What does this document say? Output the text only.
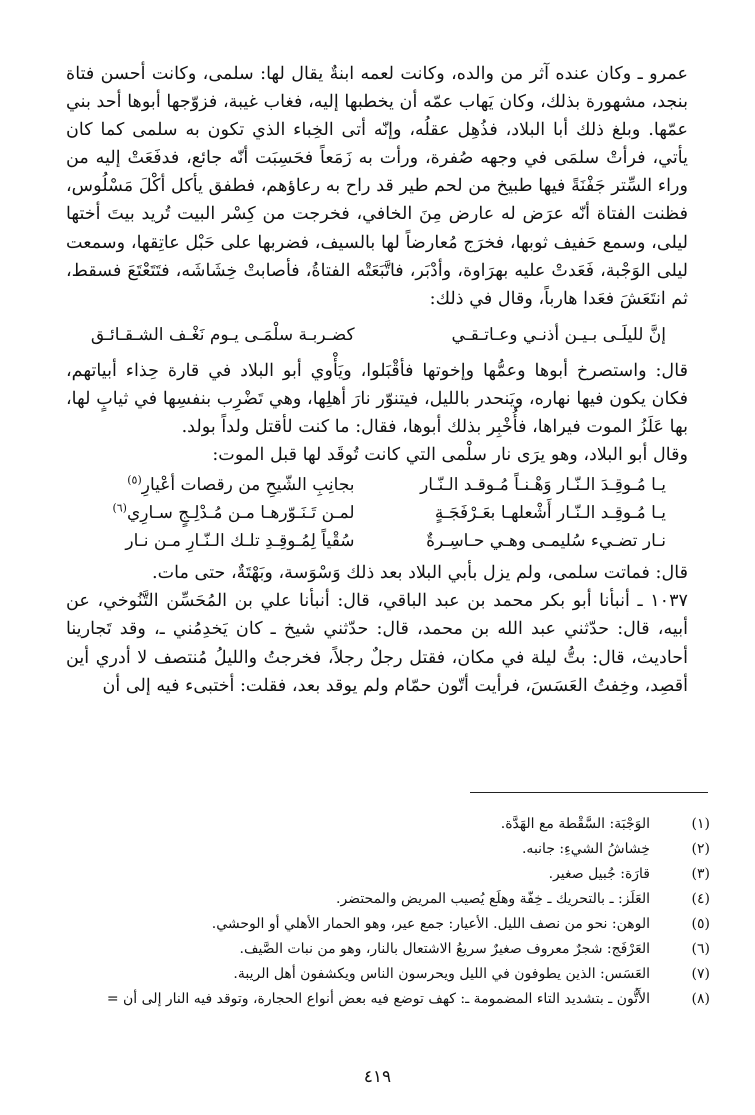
عمرو ـ وكان عنده آثر من والده، وكانت لعمه ابنةٌ يقال لها: سلمى، وكانت أحسن فتاة بنجد، مشهورة بذلك، وكان يَهاب عمّه أن يخطبها إليه، فغاب غيبة، فزوّجها أبوها أحد بني عمّها. وبلغ ذلك أبا البلاد، فذُهِل عقلُه، وإنّه أتى الخِباء الذي تكون به سلمى كما كان يأتي، فرأتْ سلمَى في وجهه صُفرة، ورأت به زَمَعاً فحَسِبَت أنّه جائع، فدفَعَتْ إليه من وراء السِّتر جَفْنَةً فيها طبيخ من لحم طير قد راح به رعاؤهم، فطفق يأكل أكْلَ مَسْلُوس، فظنت الفتاة أنّه عرَض له عارض مِنَ الخافي، فخرجت من كِسْر البيت تُريد بيتَ أختها ليلى، وسمع حَفيف ثوبها، فخرَج مُعارضاً لها بالسيف، فضربها على حَبْل عاتِقها، وسمعت ليلى الوَجْبة، فَعَدتْ عليه بهرَاوة، وأدْبَر، فاتَّبَعَتْه الفتاةُ، فأصابتْ خِشَاشَه، فتَتَعْتَعَ فسقط، ثم انتَعَشَ فعَدا هارباً، وقال في ذلك:

إنَّ لليلَـى بـيـن أذنـي وعـاتـقـي
كضـربـة سلْمَـى يـوم نَغْـف الشـقـائـق

قال: واستصرخ أبوها وعمُّها وإخوتها فأقْبَلوا، ويَأْوي أبو البلاد في قارة حِذاء أبياتهم، فكان يكون فيها نهاره، ويَنحدر بالليل، فيتنوّر نارَ أهلِها، وهي تَضْرِب بنفسِها في ثيابٍ لها، بها عَلَزُ الموت فيراها، فأُخْبِر بذلك أبوها، فقال: ما كنت لأقتل ولداً بولد.

وقال أبو البلاد، وهو يرَى نار سلْمى التي كانت تُوقَد لها قبل الموت:

يـا مُـوقِـدَ الـنّـار وَهْـنـاً مُـوقـد الـنّـار
بجانِبِ الشّيحِ من رقصات أعْيارِ$^{(٥)}$
يـا مُـوقِـد الـنّـار أَشْعلهـا بعَـرْفَجَـةٍ
لمـن تَـنَـوّرهـا مـن مُـدْلِـجٍ سـارِي$^{(٦)}$
نـار تضـيء سُليمـى وهـي حـاسِـرةٌ
سُقْياً لِمُـوقِـدِ تلـك الـنّـارِ مـن نـار

قال: فماتت سلمى، ولم يزل بأبي البلاد بعد ذلك وَسْوَسة، وبَهْتَةٌ، حتى مات.

١٠٣٧ ـ أنبأنا أبو بكر محمد بن عبد الباقي، قال: أنبأنا علي بن المُحَسِّن التَّنُوخي، عن أبيه، قال: حدّثني عبد الله بن محمد، قال: حدّثني شيخ ـ كان يَخدِمُني ـ، وقد تَجارينا أحاديث، قال: بتُّ ليلة في مكان، فقتل رجلٌ رجلاً، فخرجتُ والليلُ مُنتصف لا أدري أين أقصِد، وخِفتُ العَسَسَ، فرأيت أتّون حمّام ولم يوقد بعد، فقلت: أختبىء فيه إلى أن

(١)
الوَجْبَة: السَّقْطة مع الهَدَّة.
(٢)
خِشاشُ الشيءِ: جانبه.
(٣)
قارَة: جُبيل صغير.
(٤)
العَلَز: ـ بالتحريك ـ خِفّة وهلَع يُصيب المريض والمحتضر.
(٥)
الوهن: نحو من نصف الليل. الأعيار: جمع عير، وهو الحمار الأهلي أو الوحشي.
(٦)
العَرْفَج: شجرٌ معروف صغيرٌ سريعُ الاشتعال بالنار، وهو من نبات الصَّيف.
(٧)
العَسَس: الذين يطوفون في الليل ويحرسون الناس ويكشفون أهل الريبة.
(٨)
الأَتُّون ـ بتشديد التاء المضمومة ـ: كهف توضع فيه بعض أنواع الحجارة، وتوقد فيه النار إلى أن =
٤١٩
